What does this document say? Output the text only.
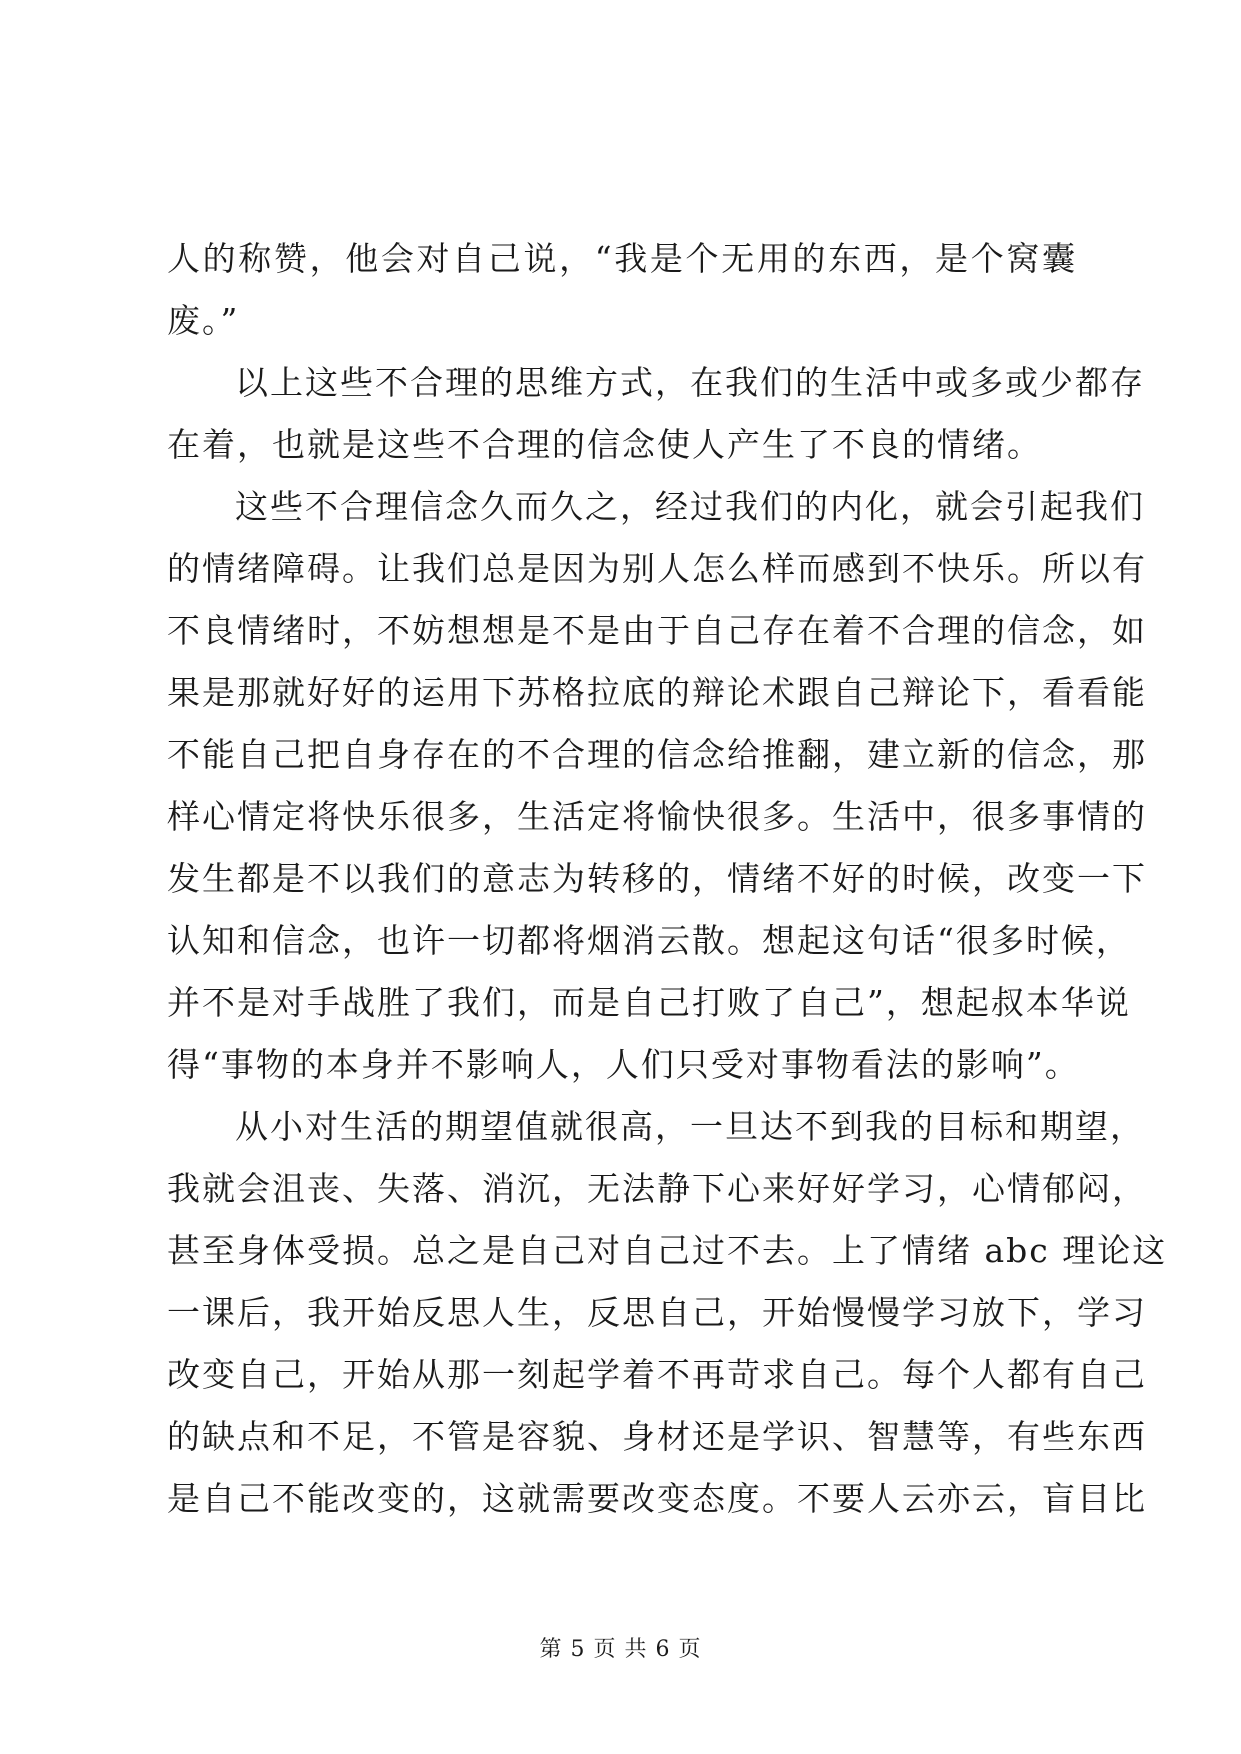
人的称赞，他会对自己说，“我是个无用的东西，是个窝囊
废。”
以上这些不合理的思维方式，在我们的生活中或多或少都存
在着，也就是这些不合理的信念使人产生了不良的情绪。
这些不合理信念久而久之，经过我们的内化，就会引起我们
的情绪障碍。让我们总是因为别人怎么样而感到不快乐。所以有
不良情绪时，不妨想想是不是由于自己存在着不合理的信念，如
果是那就好好的运用下苏格拉底的辩论术跟自己辩论下，看看能
不能自己把自身存在的不合理的信念给推翻，建立新的信念，那
样心情定将快乐很多，生活定将愉快很多。生活中，很多事情的
发生都是不以我们的意志为转移的，情绪不好的时候，改变一下
认知和信念，也许一切都将烟消云散。想起这句话“很多时候，
并不是对手战胜了我们，而是自己打败了自己”，想起叔本华说
得“事物的本身并不影响人，人们只受对事物看法的影响”。
从小对生活的期望值就很高，一旦达不到我的目标和期望，
我就会沮丧、失落、消沉，无法静下心来好好学习，心情郁闷，
甚至身体受损。总之是自己对自己过不去。上了情绪 abc 理论这
一课后，我开始反思人生，反思自己，开始慢慢学习放下，学习
改变自己，开始从那一刻起学着不再苛求自己。每个人都有自己
的缺点和不足，不管是容貌、身材还是学识、智慧等，有些东西
是自己不能改变的，这就需要改变态度。不要人云亦云，盲目比
第 5 页 共 6 页
